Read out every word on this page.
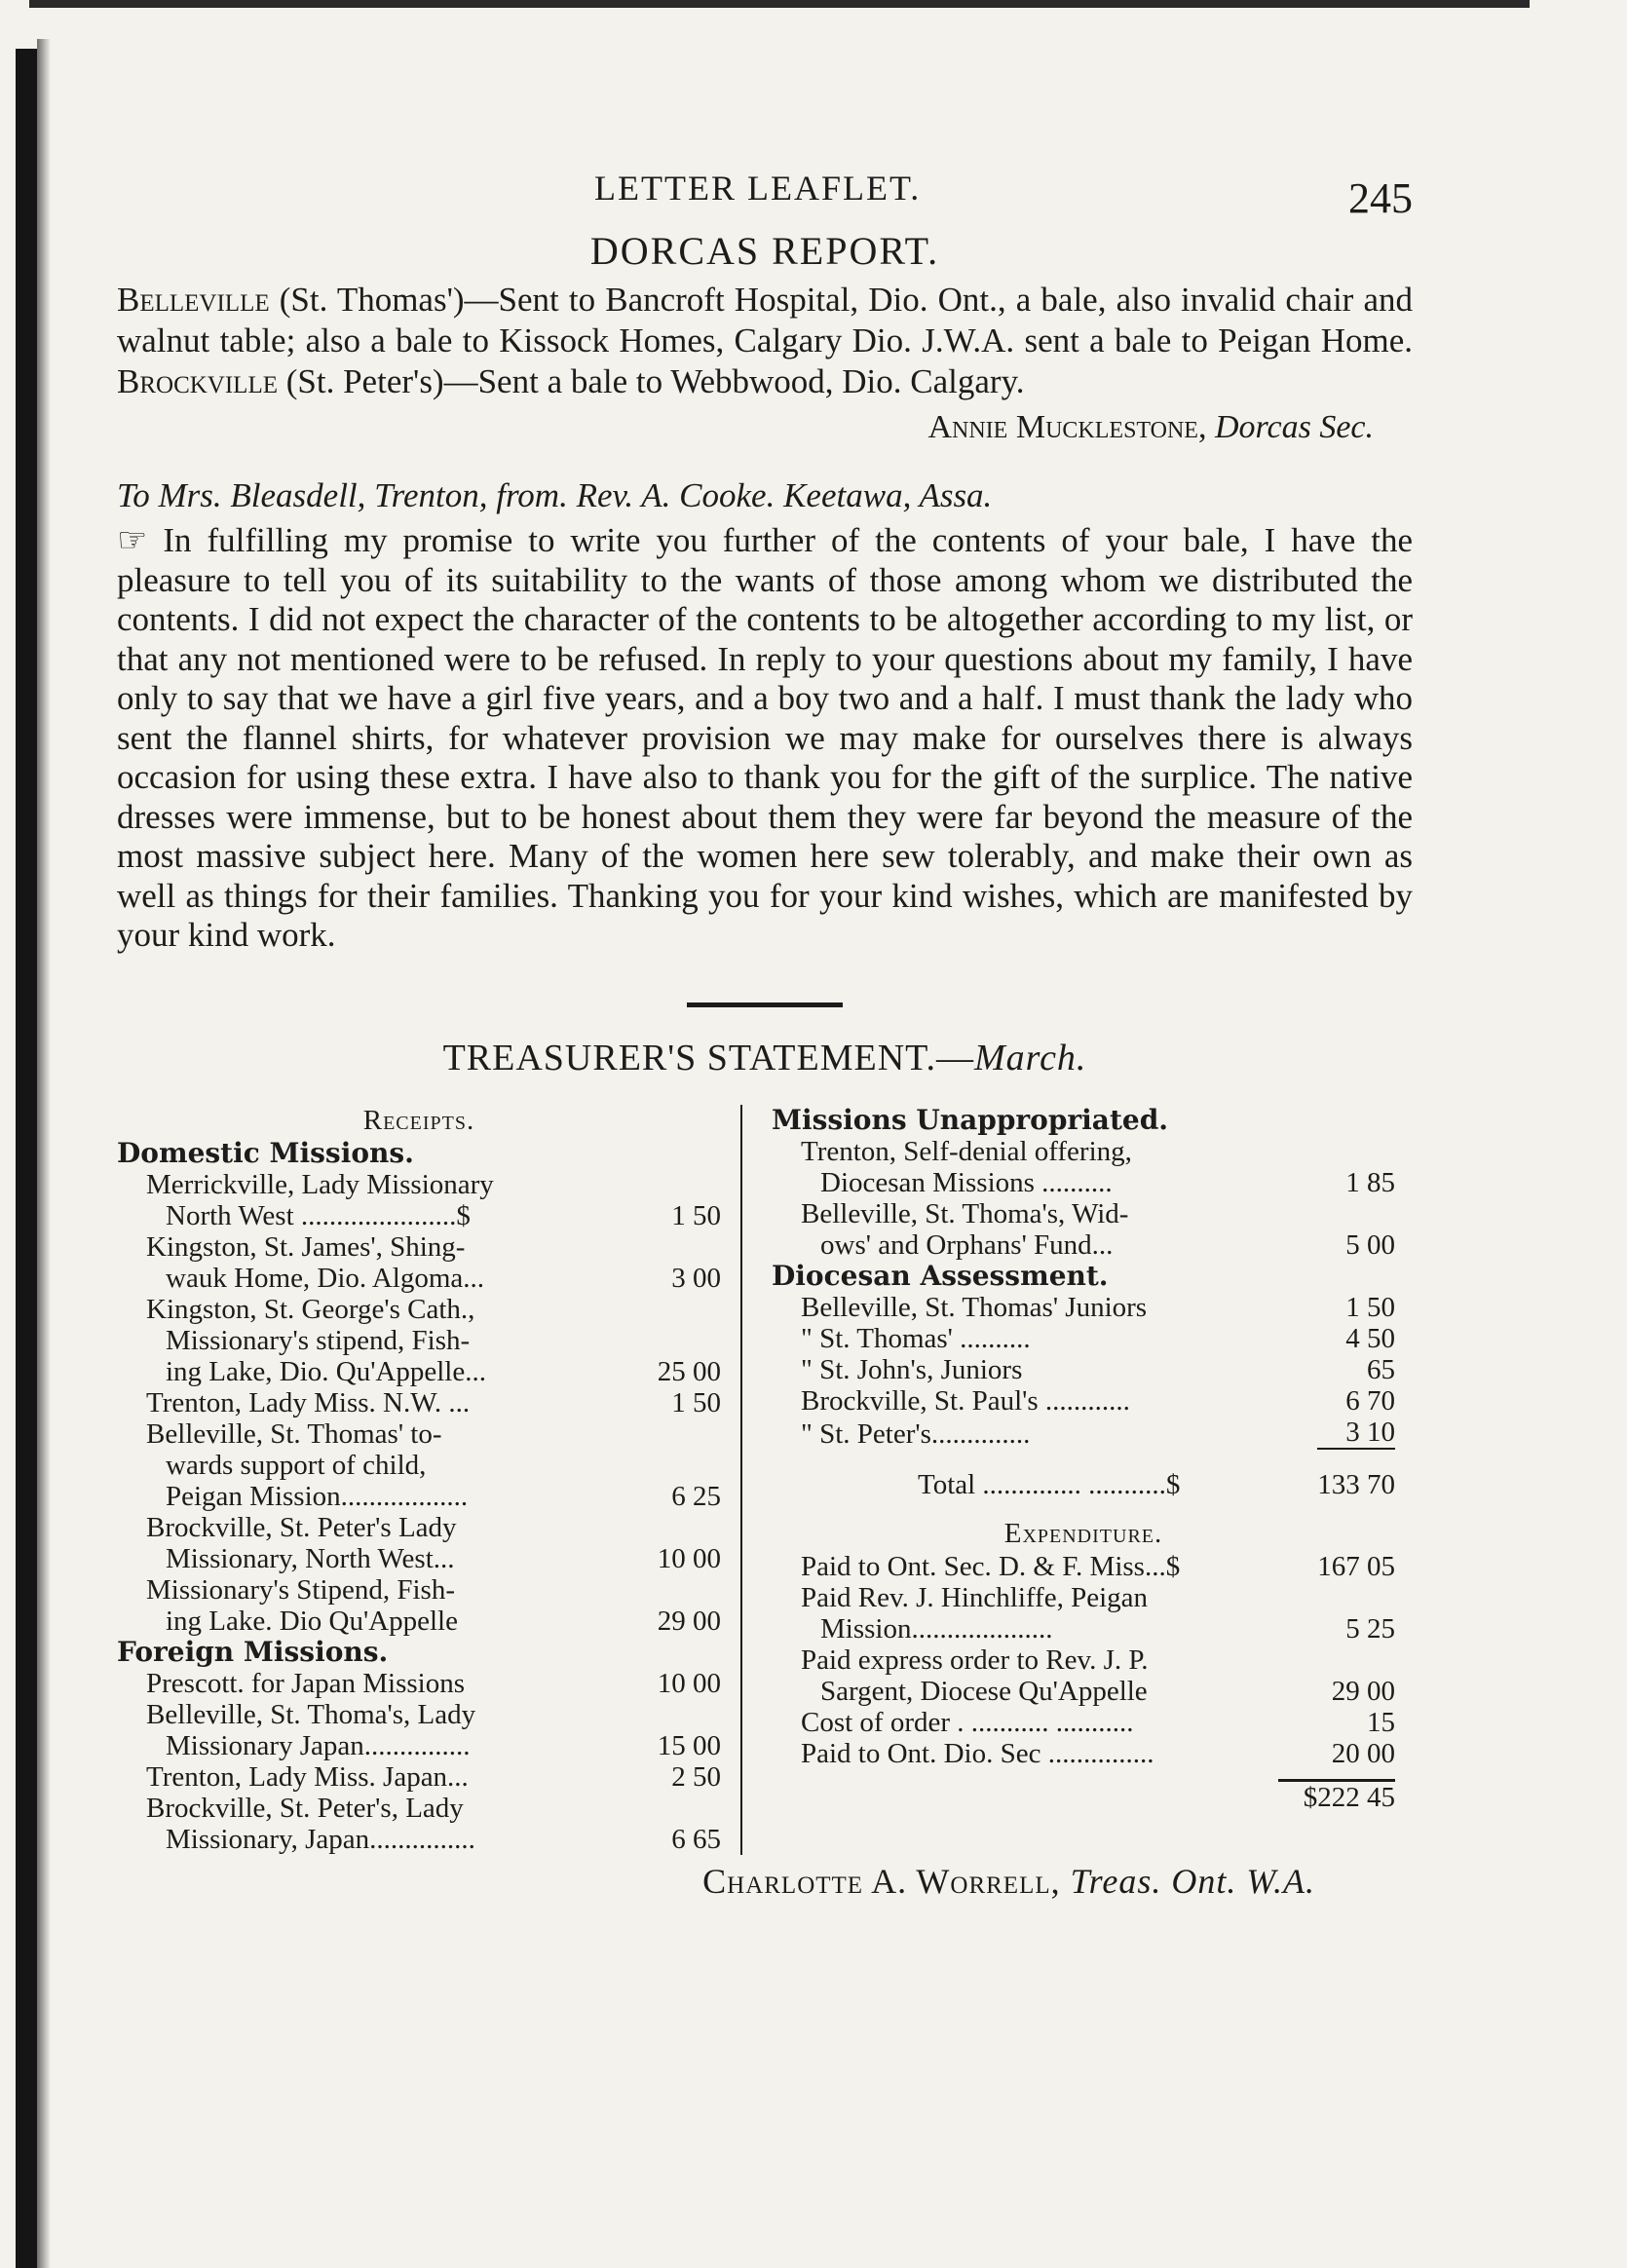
LETTER LEAFLET.	245
DORCAS REPORT.

Belleville (St. Thomas')—Sent to Bancroft Hospital, Dio. Ont., a bale, also invalid chair and walnut table; also a bale to Kissock Homes, Calgary Dio. J.W.A. sent a bale to Peigan Home. Brockville (St. Peter's)—Sent a bale to Webbwood, Dio. Calgary.

Annie Mucklestone, Dorcas Sec.
To Mrs. Bleasdell, Trenton, from. Rev. A. Cooke. Keetawa, Assa.

☞ In fulfilling my promise to write you further of the contents of your bale, I have the pleasure to tell you of its suitability to the wants of those among whom we distributed the contents. I did not expect the character of the contents to be altogether according to my list, or that any not mentioned were to be refused. In reply to your questions about my family, I have only to say that we have a girl five years, and a boy two and a half. I must thank the lady who sent the flannel shirts, for whatever provision we may make for ourselves there is always occasion for using these extra. I have also to thank you for the gift of the surplice. The native dresses were immense, but to be honest about them they were far beyond the measure of the most massive subject here. Many of the women here sew tolerably, and make their own as well as things for their families. Thanking you for your kind wishes, which are manifested by your kind work.

TREASURER'S STATEMENT.—March.
Receipts.
Domestic Missions.
Merrickville, Lady Missionary
North West ......................$	1 50
Kingston, St. James', Shing-
wauk Home, Dio. Algoma...	3 00
Kingston, St. George's Cath.,
Missionary's stipend, Fish-
ing Lake, Dio. Qu'Appelle...	25 00
Trenton, Lady Miss. N.W. ...	1 50
Belleville, St. Thomas' to-
wards support of child,
Peigan Mission..................	6 25
Brockville, St. Peter's Lady
Missionary, North West...	10 00
Missionary's Stipend, Fish-
ing Lake. Dio Qu'Appelle	29 00
Foreign Missions.
Prescott. for Japan Missions	10 00
Belleville, St. Thoma's, Lady
Missionary Japan...............	15 00
Trenton, Lady Miss. Japan...	2 50
Brockville, St. Peter's, Lady
Missionary, Japan...............	6 65
Missions Unappropriated.
Trenton, Self-denial offering,
Diocesan Missions ..........	1 85
Belleville, St. Thoma's, Wid-
ows' and Orphans' Fund...	5 00
Diocesan Assessment.
Belleville, St. Thomas' Juniors	1 50
" St. Thomas' ..........	4 50
" St. John's, Juniors	65
Brockville, St. Paul's ............	6 70
" St. Peter's..............	3 10
Total .............. ...........$	133 70
Expenditure.
Paid to Ont. Sec. D. & F. Miss...$	167 05
Paid Rev. J. Hinchliffe, Peigan
Mission....................	5 25
Paid express order to Rev. J. P.
Sargent, Diocese Qu'Appelle	29 00
Cost of order . ........... ...........	15
Paid to Ont. Dio. Sec ...............	20 00
$222 45
Charlotte A. Worrell, Treas. Ont. W.A.
